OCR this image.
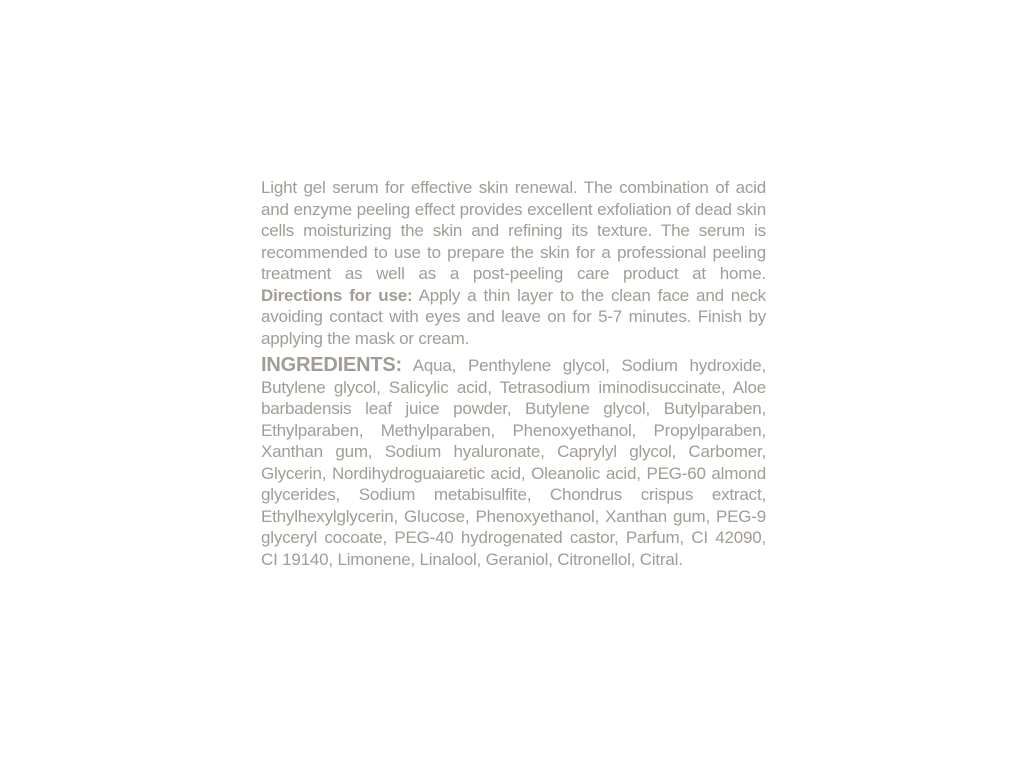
Light gel serum for effective skin renewal. The combination of acid and enzyme peeling effect provides excellent exfoliation of dead skin cells moisturizing the skin and refining its texture. The serum is recommended to use to prepare the skin for a professional peeling treatment as well as a post-peeling care product at home. Directions for use: Apply a thin layer to the clean face and neck avoiding contact with eyes and leave on for 5-7 minutes. Finish by applying the mask or cream.

INGREDIENTS: Aqua, Penthylene glycol, Sodium hydroxide, Butylene glycol, Salicylic acid, Tetrasodium iminodisuccinate, Aloe barbadensis leaf juice powder, Butylene glycol, Butylparaben, Ethylparaben, Methylparaben, Phenoxyethanol, Propylparaben, Xanthan gum, Sodium hyaluronate, Caprylyl glycol, Carbomer, Glycerin, Nordihydroguaiaretic acid, Oleanolic acid, PEG-60 almond glycerides, Sodium metabisulfite, Chondrus crispus extract, Ethylhexylglycerin, Glucose, Phenoxyethanol, Xanthan gum, PEG-9 glyceryl cocoate, PEG-40 hydrogenated castor, Parfum, CI 42090, CI 19140, Limonene, Linalool, Geraniol, Citronellol, Citral.
